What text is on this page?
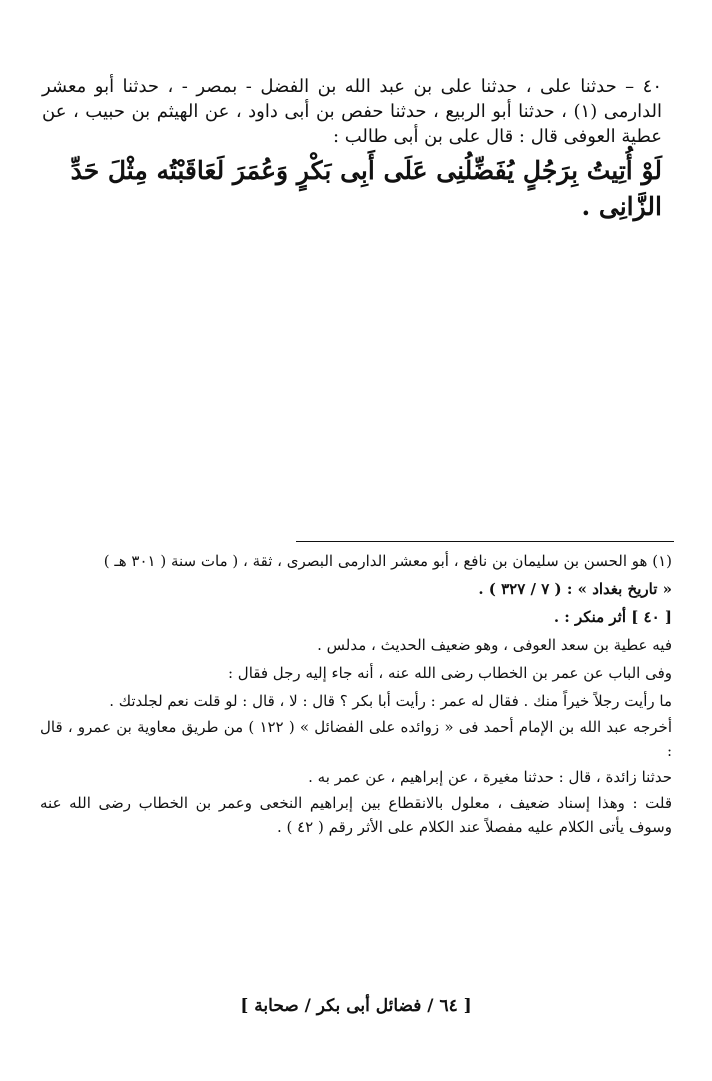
٤٠ – حدثنا على ، حدثنا على بن عبد الله بن الفضل - بمصر - ، حدثنا أبو معشر الدارمى (١) ، حدثنا أبو الربيع ، حدثنا حفص بن أبى داود ، عن الهيثم بن حبيب ، عن عطية العوفى قال : قال على بن أبى طالب :

لَوْ أُتِيتُ بِرَجُلٍ يُفَضِّلُنِى عَلَى أَبِى بَكْرٍ وَعُمَرَ لَعَاقَبْتُه مِثْلَ حَدِّ الزَّانِى .

(١) هو الحسن بن سليمان بن نافع ، أبو معشر الدارمى البصرى ، ثقة ، ( مات سنة ( ٣٠١ هـ )

« تاريخ بغداد » : ( ٧ / ٣٢٧ ) .

[ ٤٠ ] أثر منكر : .

فيه عطية بن سعد العوفى ، وهو ضعيف الحديث ، مدلس .

وفى الباب عن عمر بن الخطاب رضى الله عنه ، أنه جاء إليه رجل فقال :

ما رأيت رجلاً خيراً منك . فقال له عمر : رأيت أبا بكر ؟ قال : لا ، قال : لو قلت نعم لجلدتك .

أخرجه عبد الله بن الإمام أحمد فى « زوائده على الفضائل » ( ١٢٢ ) من طريق معاوية بن عمرو ، قال :

حدثنا زائدة ، قال : حدثنا مغيرة ، عن إبراهيم ، عن عمر به .

قلت : وهذا إسناد ضعيف ، معلول بالانقطاع بين إبراهيم النخعى وعمر بن الخطاب رضى الله عنه وسوف يأتى الكلام عليه مفصلاً عند الكلام على الأثر رقم ( ٤٢ ) .

[ ٦٤ / فضائل أبى بكر / صحابة ]
